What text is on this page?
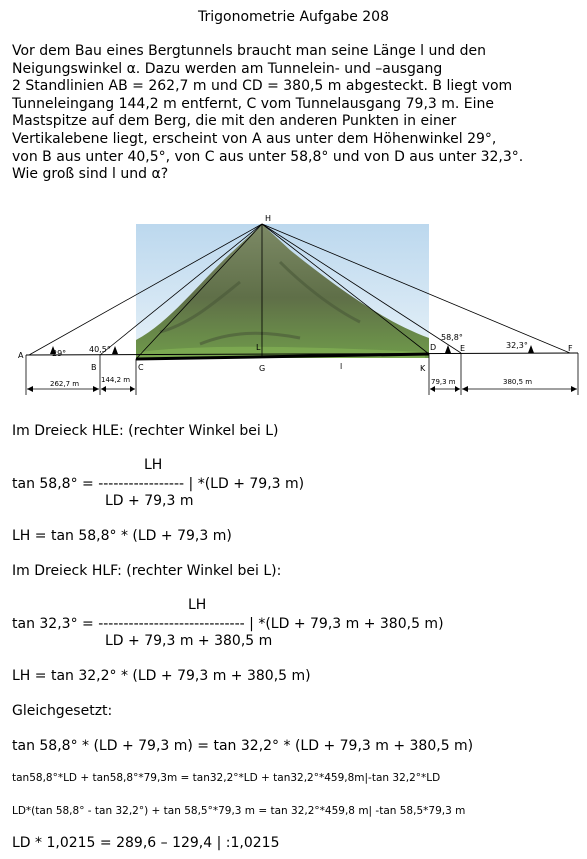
Trigonometrie Aufgabe 208
Vor dem Bau eines Bergtunnels braucht man seine Länge l und den
Neigungswinkel α. Dazu werden am Tunnelein- und –ausgang
2 Standlinien AB = 262,7 m und CD = 380,5 m abgesteckt. B liegt vom
Tunneleingang 144,2 m entfernt, C vom Tunnelausgang 79,3 m. Eine
Mastspitze auf dem Berg, die mit den anderen Punkten in einer
Vertikalebene liegt, erscheint von A aus unter dem Höhenwinkel 29°,
von B aus unter 40,5°, von C aus unter 58,8° und von D aus unter 32,3°.
Wie groß sind l und α?
H
A
B	C
D	E	F
G	K
L
l
29°	40,5°
58,8°
32,3°
262,7 m	144,2 m	79,3 m	380,5 m
Im Dreieck HLE: (rechter Winkel bei L)
LH
tan 58,8° = ----------------- | *(LD + 79,3 m)
LD + 79,3 m
LH = tan 58,8° * (LD + 79,3 m)
Im Dreieck HLF: (rechter Winkel bei L):
LH
tan 32,3° = ----------------------------- | *(LD + 79,3 m + 380,5 m)
LD + 79,3 m + 380,5 m
LH = tan 32,2° * (LD + 79,3 m + 380,5 m)
Gleichgesetzt:
tan 58,8° * (LD + 79,3 m) = tan 32,2° * (LD + 79,3 m + 380,5 m)
tan58,8°*LD + tan58,8°*79,3m = tan32,2°*LD + tan32,2°*459,8m|-tan 32,2°*LD
LD*(tan 58,8° - tan 32,2°) + tan 58,5°*79,3 m = tan 32,2°*459,8 m| -tan 58,5*79,3 m
LD * 1,0215 = 289,6 – 129,4 | :1,0215
